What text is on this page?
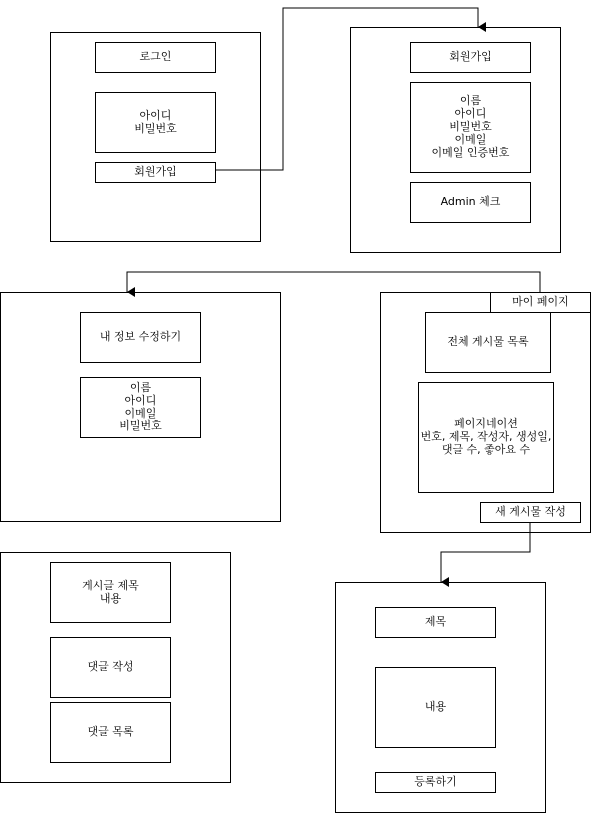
로그인
아이디
비밀번호
회원가입
회원가입
이름
아이디
비밀번호
이메일
이메일 인증번호
Admin 체크
내 정보 수정하기
이름
아이디
이메일
비밀번호
마이 페이지
전체 게시물 목록
페이지네이션
번호, 제목, 작성자, 생성일,
댓글 수, 좋아요 수
새 게시물 작성
게시글 제목
내용
댓글 작성
댓글 목록
제목
내용
등록하기
